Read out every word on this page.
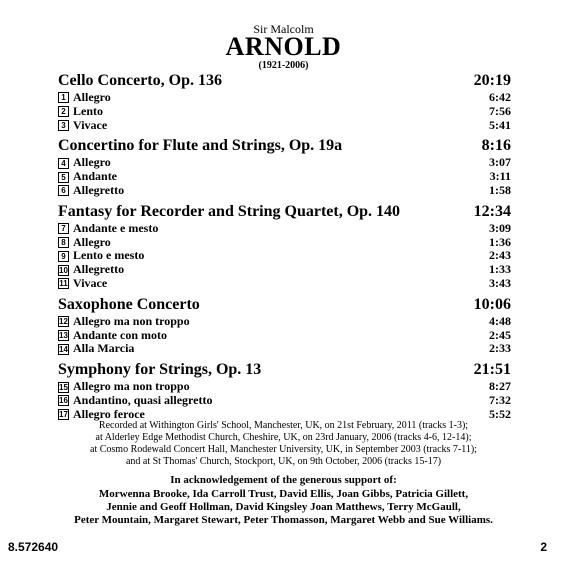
Sir Malcolm
ARNOLD
(1921-2006)
Cello Concerto, Op. 136	20:19
1 Allegro	6:42
2 Lento	7:56
3 Vivace	5:41
Concertino for Flute and Strings, Op. 19a	8:16
4 Allegro	3:07
5 Andante	3:11
6 Allegretto	1:58
Fantasy for Recorder and String Quartet, Op. 140	12:34
7 Andante e mesto	3:09
8 Allegro	1:36
9 Lento e mesto	2:43
10 Allegretto	1:33
11 Vivace	3:43
Saxophone Concerto	10:06
12 Allegro ma non troppo	4:48
13 Andante con moto	2:45
14 Alla Marcia	2:33
Symphony for Strings, Op. 13	21:51
15 Allegro ma non troppo	8:27
16 Andantino, quasi allegretto	7:32
17 Allegro feroce	5:52
Recorded at Withington Girls' School, Manchester, UK, on 21st February, 2011 (tracks 1-3);
at Alderley Edge Methodist Church, Cheshire, UK, on 23rd January, 2006 (tracks 4-6, 12-14);
at Cosmo Rodewald Concert Hall, Manchester University, UK, in September 2003 (tracks 7-11);
and at St Thomas' Church, Stockport, UK, on 9th October, 2006 (tracks 15-17)
In acknowledgement of the generous support of:
Morwenna Brooke, Ida Carroll Trust, David Ellis, Joan Gibbs, Patricia Gillett,
Jennie and Geoff Hollman, David Kingsley Joan Matthews, Terry McGaull,
Peter Mountain, Margaret Stewart, Peter Thomasson, Margaret Webb and Sue Williams.
8.572640	2
